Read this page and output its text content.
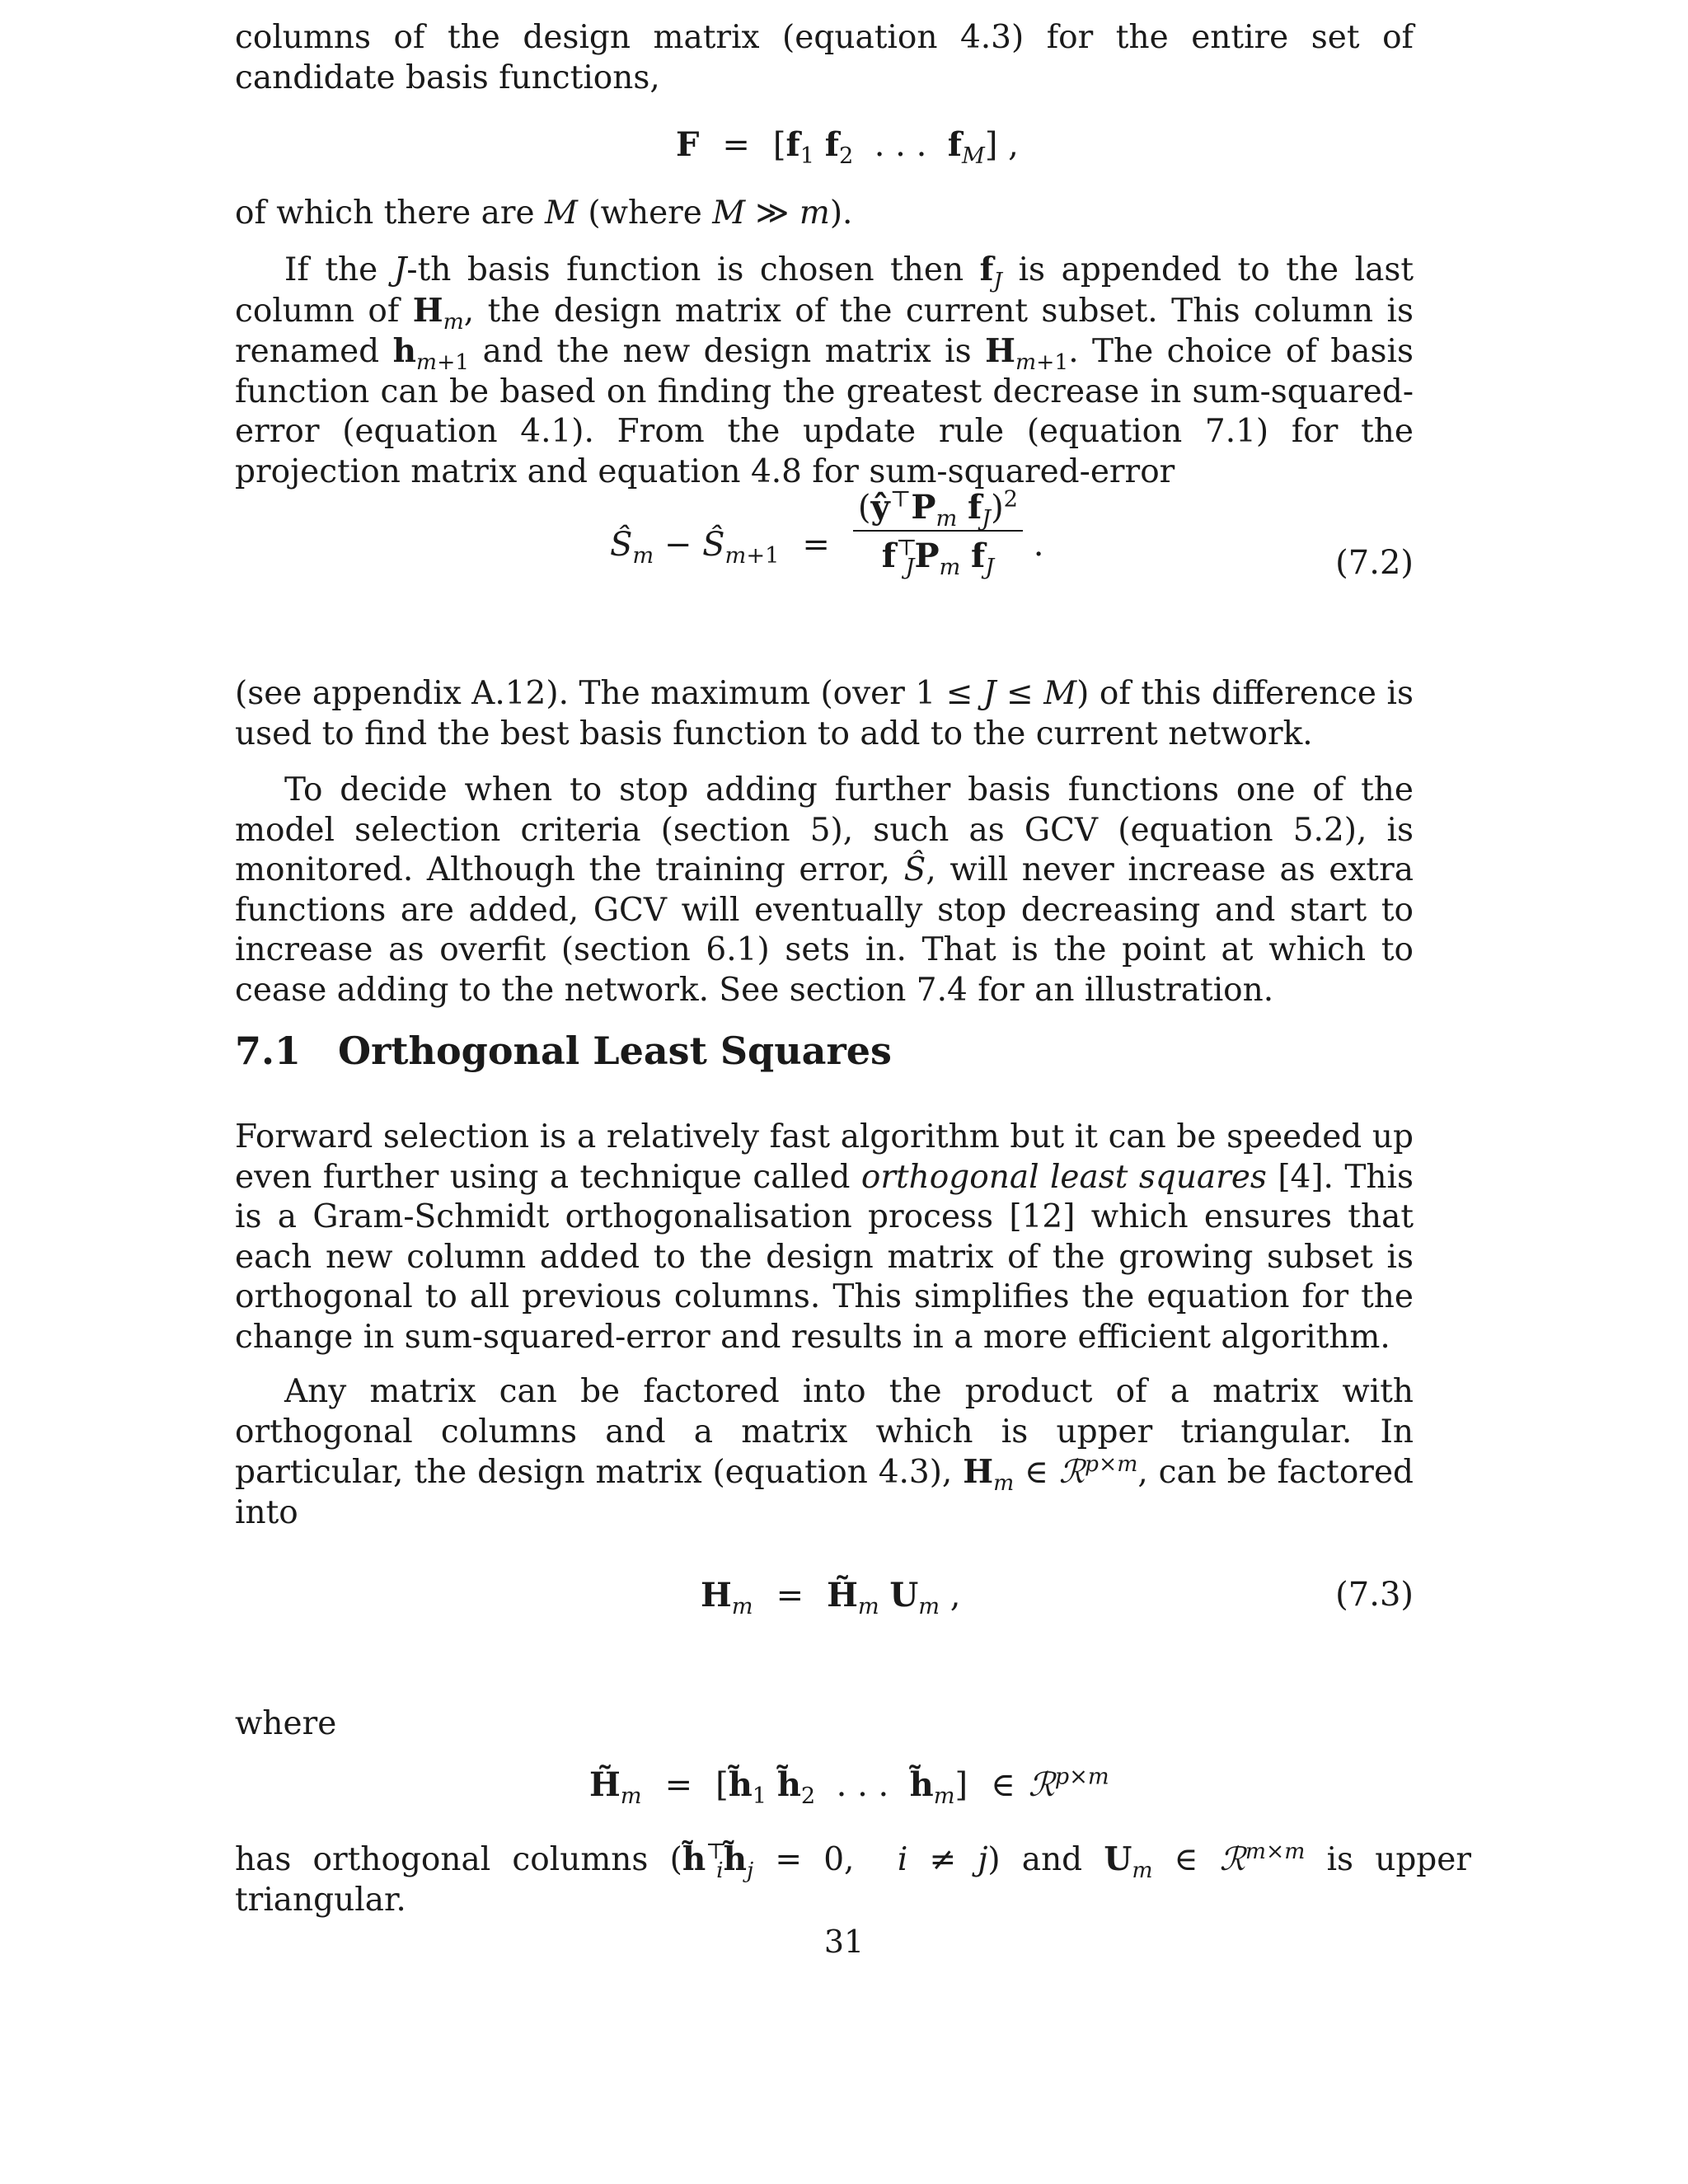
columns of the design matrix (equation 4.3) for the entire set of candidate basis functions,

$F = [f_1$ $f_2$  . . .  $f_M$] ,

of which there are M (where M ≫ m).

If the J-th basis function is chosen then $f_J$ is appended to the last column of $H_m$, the design matrix of the current subset. This column is renamed $h_{m+1}$ and the new design matrix is $H_{m+1}$. The choice of basis function can be based on finding the greatest decrease in sum-squared-error (equation 4.1). From the update rule (equation 7.1) for the projection matrix and equation 4.8 for sum-squared-error

$Ŝ_m$ − $Ŝ_{m+1} = \frac{(ŷ^⊤P_m f_J)^2}{f^⊤_JP_m f_J}$ .	(7.2)

(see appendix A.12). The maximum (over 1 ≤ J ≤ M) of this difference is used to find the best basis function to add to the current network.

To decide when to stop adding further basis functions one of the model selection criteria (section 5), such as GCV (equation 5.2), is monitored. Although the training error, Ŝ, will never increase as extra functions are added, GCV will eventually stop decreasing and start to increase as overfit (section 6.1) sets in. That is the point at which to cease adding to the network. See section 7.4 for an illustration.

7.1 Orthogonal Least Squares

Forward selection is a relatively fast algorithm but it can be speeded up even further using a technique called orthogonal least squares [4]. This is a Gram-Schmidt orthogonalisation process [12] which ensures that each new column added to the design matrix of the growing subset is orthogonal to all previous columns. This simplifies the equation for the change in sum-squared-error and results in a more efficient algorithm.

Any matrix can be factored into the product of a matrix with orthogonal columns and a matrix which is upper triangular. In particular, the design matrix (equation 4.3), $H_m$ ∈ ℛ$^{p\times m}$, can be factored into

$H_m$ = $H̃_m$ $U_m$ ,	(7.3)

where

$H̃_m$ = [$h̃_1$ $h̃_2$  . . .  $h̃_m$] ∈ ℛ$^{p\times m}$

has orthogonal columns ($h̃^⊤_ih̃_j = 0$,  i ≠ j) and $U_m$ ∈ ℛ$^{m\times m}$ is upper triangular.

31
